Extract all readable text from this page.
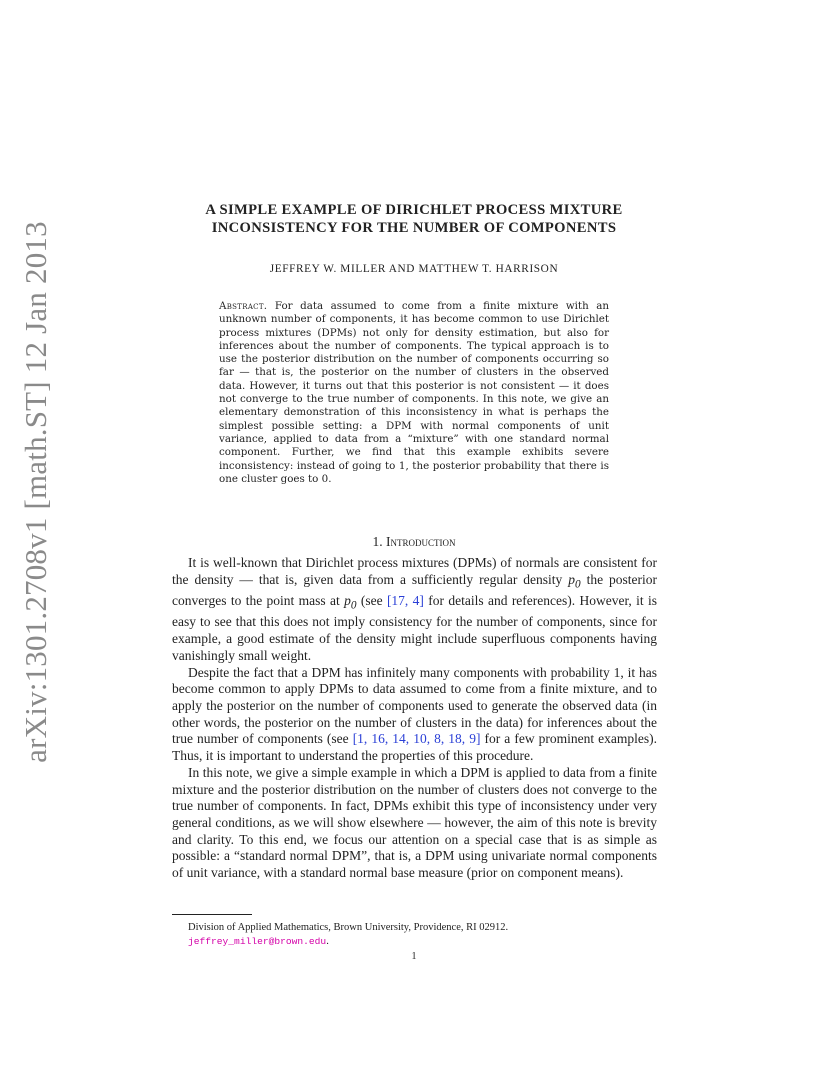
arXiv:1301.2708v1 [math.ST] 12 Jan 2013
A SIMPLE EXAMPLE OF DIRICHLET PROCESS MIXTURE
INCONSISTENCY FOR THE NUMBER OF COMPONENTS
JEFFREY W. MILLER AND MATTHEW T. HARRISON
Abstract. For data assumed to come from a finite mixture with an unknown number of components, it has become common to use Dirichlet process mixtures (DPMs) not only for density estimation, but also for inferences about the number of components. The typical approach is to use the posterior distribution on the number of components occurring so far — that is, the posterior on the number of clusters in the observed data. However, it turns out that this posterior is not consistent — it does not converge to the true number of components. In this note, we give an elementary demonstration of this inconsistency in what is perhaps the simplest possible setting: a DPM with normal components of unit variance, applied to data from a “mixture” with one standard normal component. Further, we find that this example exhibits severe inconsistency: instead of going to 1, the posterior probability that there is one cluster goes to 0.
1. Introduction

It is well-known that Dirichlet process mixtures (DPMs) of normals are consistent for the density — that is, given data from a sufficiently regular density $p_0$ the posterior converges to the point mass at $p_0$ (see [17, 4] for details and references). However, it is easy to see that this does not imply consistency for the number of components, since for example, a good estimate of the density might include superfluous components having vanishingly small weight.

Despite the fact that a DPM has infinitely many components with probability 1, it has become common to apply DPMs to data assumed to come from a finite mixture, and to apply the posterior on the number of components used to generate the observed data (in other words, the posterior on the number of clusters in the data) for inferences about the true number of components (see [1, 16, 14, 10, 8, 18, 9] for a few prominent examples). Thus, it is important to understand the properties of this procedure.

In this note, we give a simple example in which a DPM is applied to data from a finite mixture and the posterior distribution on the number of clusters does not converge to the true number of components. In fact, DPMs exhibit this type of inconsistency under very general conditions, as we will show elsewhere — however, the aim of this note is brevity and clarity. To this end, we focus our attention on a special case that is as simple as possible: a “standard normal DPM”, that is, a DPM using univariate normal components of unit variance, with a standard normal base measure (prior on component means).

Division of Applied Mathematics, Brown University, Providence, RI 02912.
jeffrey_miller@brown.edu.
1
